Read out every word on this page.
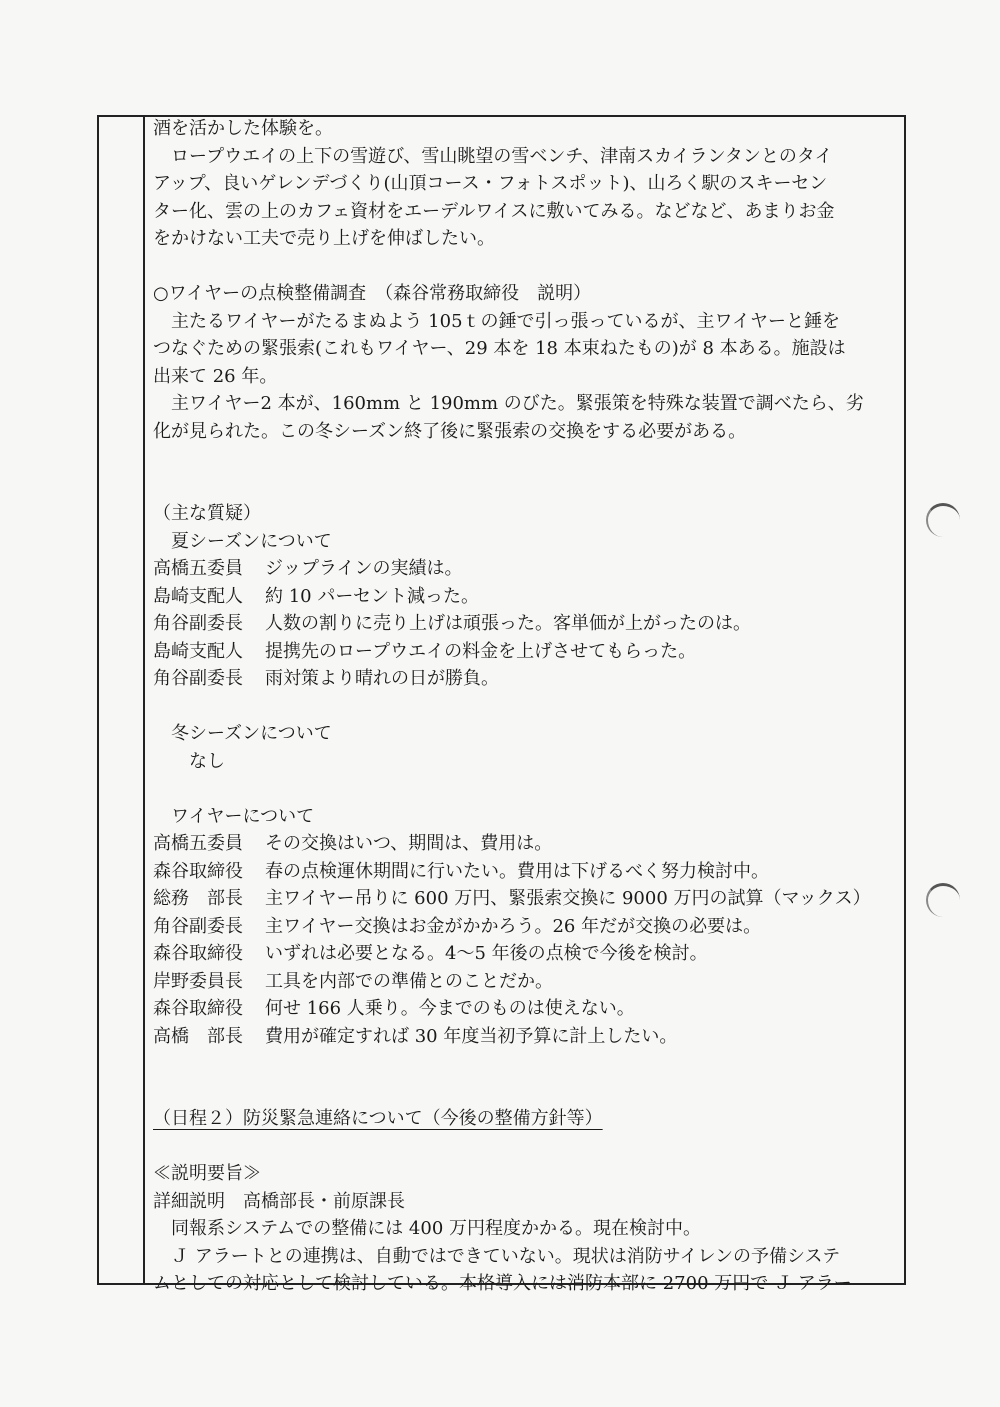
酒を活かした体験を。

ロープウエイの上下の雪遊び、雪山眺望の雪ベンチ、津南スカイランタンとのタイ

アップ、良いゲレンデづくり(山頂コース・フォトスポット)、山ろく駅のスキーセン

ター化、雲の上のカフェ資材をエーデルワイスに敷いてみる。などなど、あまりお金

をかけない工夫で売り上げを伸ばしたい。

○ワイヤーの点検整備調査　（森谷常務取締役　説明）

主たるワイヤーがたるまぬよう 105ｔの錘で引っ張っているが、主ワイヤーと錘を

つなぐための緊張索(これもワイヤー、29 本を 18 本束ねたもの)が 8 本ある。施設は

出来て 26 年。

主ワイヤー2 本が、160mm と 190mm のびた。緊張策を特殊な装置で調べたら、劣

化が見られた。この冬シーズン終了後に緊張索の交換をする必要がある。

（主な質疑）

夏シーズンについて

高橋五委員	ジップラインの実績は。
島崎支配人	約 10 パーセント減った。
角谷副委長	人数の割りに売り上げは頑張った。客単価が上がったのは。
島崎支配人	提携先のロープウエイの料金を上げさせてもらった。
角谷副委長	雨対策より晴れの日が勝負。

冬シーズンについて

なし

ワイヤーについて

高橋五委員	その交換はいつ、期間は、費用は。
森谷取締役	春の点検運休期間に行いたい。費用は下げるべく努力検討中。
総務　部長	主ワイヤー吊りに 600 万円、緊張索交換に 9000 万円の試算（マックス）
角谷副委長	主ワイヤー交換はお金がかかろう。26 年だが交換の必要は。
森谷取締役	いずれは必要となる。4～5 年後の点検で今後を検討。
岸野委員長	工具を内部での準備とのことだか。
森谷取締役	何せ 166 人乗り。今までのものは使えない。
高橋　部長	費用が確定すれば 30 年度当初予算に計上したい。

（日程２）防災緊急連絡について（今後の整備方針等）

≪説明要旨≫

詳細説明　高橋部長・前原課長

同報系システムでの整備には 400 万円程度かかる。現在検討中。

Ｊ アラートとの連携は、自動ではできていない。現状は消防サイレンの予備システ

ムとしての対応として検討している。本格導入には消防本部に 2700 万円で Ｊ アラー
